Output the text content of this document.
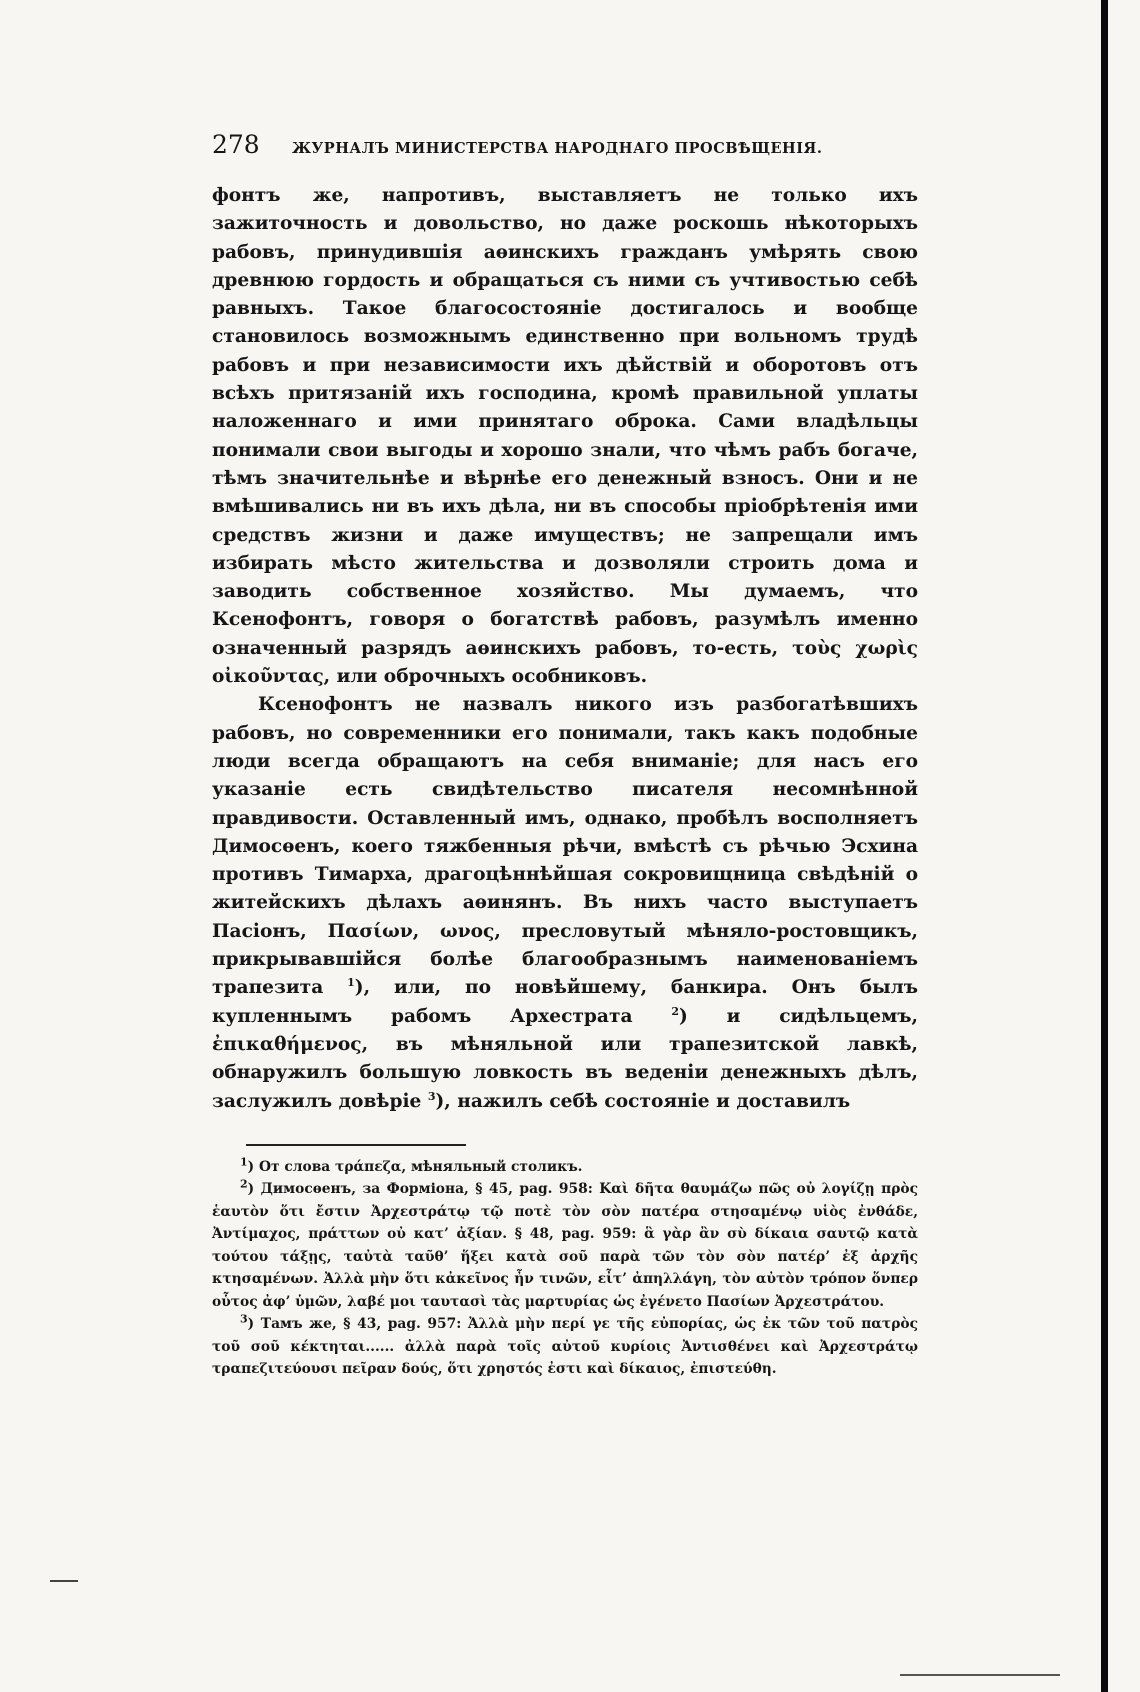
278	ЖУРНАЛЪ МИНИСТЕРСТВА НАРОДНАГО ПРОСВѢЩЕНІЯ.

фонтъ же, напротивъ, выставляетъ не только ихъ зажиточность и довольство, но даже роскошь нѣкоторыхъ рабовъ, принудившія аѳинскихъ гражданъ умѣрять свою древнюю гордость и обращаться съ ними съ учтивостью себѣ равныхъ. Такое благосостояніе достигалось и вообще становилось возможнымъ единственно при вольномъ трудѣ рабовъ и при независимости ихъ дѣйствій и оборотовъ отъ всѣхъ притязаній ихъ господина, кромѣ правильной уплаты наложеннаго и ими принятаго оброка. Сами владѣльцы понимали свои выгоды и хорошо знали, что чѣмъ рабъ богаче, тѣмъ значительнѣе и вѣрнѣе его денежный взносъ. Они и не вмѣшивались ни въ ихъ дѣла, ни въ способы пріобрѣтенія ими средствъ жизни и даже имуществъ; не запрещали имъ избирать мѣсто жительства и дозволяли строить дома и заводить собственное хозяйство. Мы думаемъ, что Ксенофонтъ, говоря о богатствѣ рабовъ, разумѣлъ именно означенный разрядъ аѳинскихъ рабовъ, то-есть, τοὺς χωρὶς οἰκοῦντας, или оброчныхъ особниковъ.

Ксенофонтъ не назвалъ никого изъ разбогатѣвшихъ рабовъ, но современники его понимали, такъ какъ подобные люди всегда обращаютъ на себя вниманіе; для насъ его указаніе есть свидѣтельство писателя несомнѣнной правдивости. Оставленный имъ, однако, пробѣлъ восполняетъ Димосѳенъ, коего тяжбенныя рѣчи, вмѣстѣ съ рѣчью Эсхина противъ Тимарха, драгоцѣннѣйшая сокровищница свѣдѣній о житейскихъ дѣлахъ аѳинянъ. Въ нихъ часто выступаетъ Пасіонъ, Πασίων, ωνος, пресловутый мѣняло-ростовщикъ, прикрывавшійся болѣе благообразнымъ наименованіемъ трапезита $^1$), или, по новѣйшему, банкира. Онъ былъ купленнымъ рабомъ Архестрата	$^2$) и сидѣльцемъ, ἐπικαθήμενος, въ мѣняльной или трапезитской лавкѣ, обнаружилъ большую ловкость въ веденіи денежныхъ дѣлъ, заслужилъ довѣріе $^3$), нажилъ себѣ состояніе и доставилъ

$^1$) От слова τράπεζα, мѣняльный столикъ.

$^2$) Димосѳенъ, за Формiона, § 45, pag. 958: Καὶ δῆτα θαυμάζω πῶς οὐ λογίζῃ πρὸς ἑαυτὸν ὅτι ἔστιν Ἀρχεστράτῳ τῷ ποτὲ τὸν σὸν πατέρα στησαμένῳ υἱὸς ἐνθάδε, Ἀντίμαχος, πράττων οὐ κατ’ ἀξίαν. § 48, pag. 959: ἃ γὰρ ἂν σὺ δίκαια σαυτῷ κατὰ τούτου τάξῃς, ταὐτὰ ταῦθ’ ἥξει κατὰ σοῦ παρὰ τῶν τὸν σὸν πατέρ’ ἐξ ἀρχῆς κτησαμένων. Ἀλλὰ μὴν ὅτι κἀκεῖνος ἦν τινῶν, εἶτ’ ἀπηλλάγη, τὸν αὐτὸν τρόπον ὅνπερ οὗτος ἀφ’ ὑμῶν, λαβέ μοι ταυτασὶ τὰς μαρτυρίας ὡς ἐγένετο Πασίων Ἀρχεστράτου.

$^3$) Тамъ же, § 43, pag. 957: Ἀλλὰ μὴν περί γε τῆς εὐπορίας, ὡς ἐκ τῶν τοῦ πατρὸς τοῦ σοῦ κέκτηται...... ἀλλὰ παρὰ τοῖς αὐτοῦ κυρίοις Ἀντισθένει καὶ Ἀρχεστράτῳ τραπεζιτεύουσι πεῖραν δούς, ὅτι χρηστός ἐστι καὶ δίκαιος, ἐπιστεύθη.
